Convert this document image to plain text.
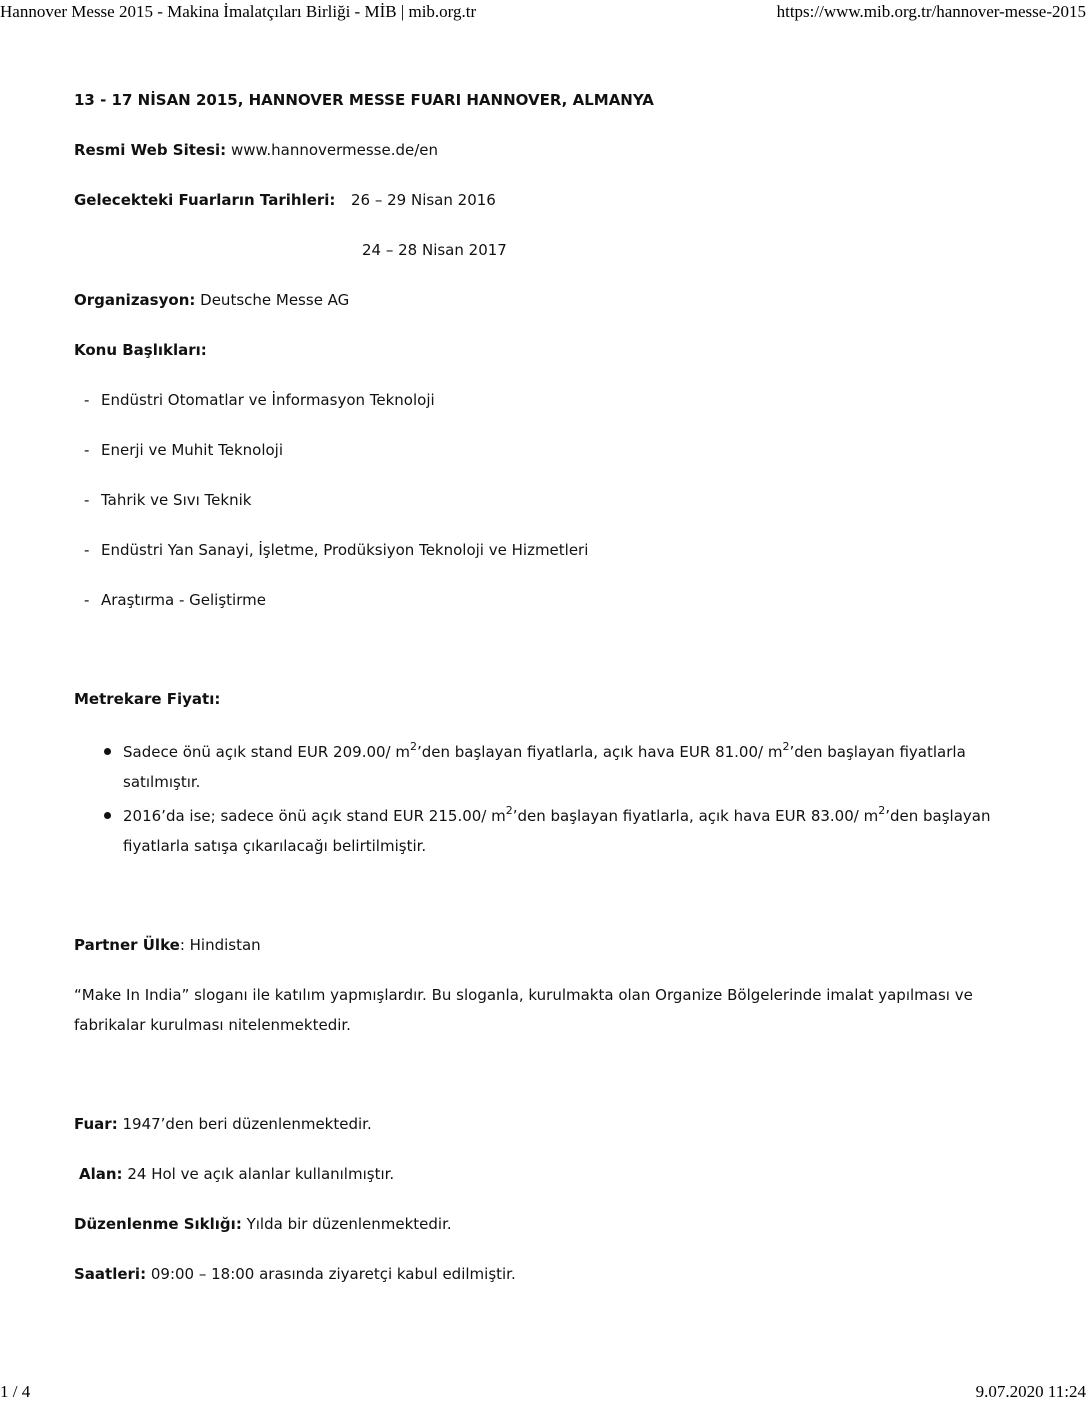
Hannover Messe 2015 - Makina İmalatçıları Birliği - MİB | mib.org.tr	https://www.mib.org.tr/hannover-messe-2015
13 - 17 NİSAN 2015, HANNOVER MESSE FUARI HANNOVER, ALMANYA
Resmi Web Sitesi: www.hannovermesse.de/en
Gelecekteki Fuarların Tarihleri: 26 – 29 Nisan 2016
24 – 28 Nisan 2017
Organizasyon: Deutsche Messe AG
Konu Başlıkları:
- Endüstri Otomatlar ve İnformasyon Teknoloji
- Enerji ve Muhit Teknoloji
- Tahrik ve Sıvı Teknik
- Endüstri Yan Sanayi, İşletme, Prodüksiyon Teknoloji ve Hizmetleri
- Araştırma - Geliştirme
Metrekare Fiyatı:
Sadece önü açık stand EUR 209.00/ $m^2’den$ başlayan fiyatlarla, açık hava EUR 81.00/ $m^2’den$ başlayan fiyatlarla satılmıştır.
2016’da ise; sadece önü açık stand EUR 215.00/ $m^2’den$ başlayan fiyatlarla, açık hava EUR 83.00/ $m^2’den$ başlayan fiyatlarla satışa çıkarılacağı belirtilmiştir.
Partner Ülke: Hindistan
“Make In India” sloganı ile katılım yapmışlardır. Bu sloganla, kurulmakta olan Organize Bölgelerinde imalat yapılması ve fabrikalar kurulması nitelenmektedir.
Fuar: 1947’den beri düzenlenmektedir.
Alan: 24 Hol ve açık alanlar kullanılmıştır.
Düzenlenme Sıklığı: Yılda bir düzenlenmektedir.
Saatleri: 09:00 – 18:00 arasında ziyaretçi kabul edilmiştir.
1 / 4	9.07.2020 11:24
